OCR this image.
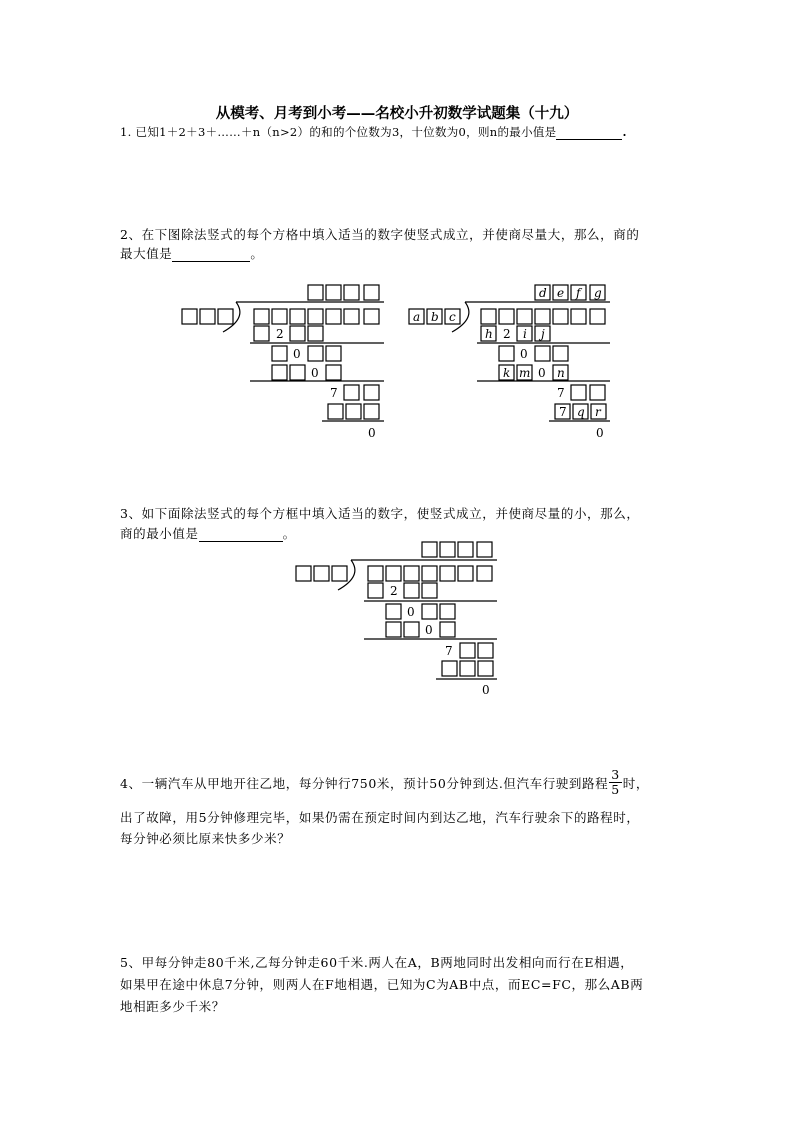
从模考、月考到小考——名校小升初数学试题集（十九）
1. 已知1＋2＋3＋……＋n（n>2）的和的个位数为3，十位数为0，则n的最小值是	.
2、在下图除法竖式的每个方格中填入适当的数字使竖式成立，并使商尽量大，那么，商的
最大值是	。
2
0
0
7
0
d e f g
a b c
h	i j
k m n
q r
2
0
0
7
7
0
3、如下面除法竖式的每个方框中填入适当的数字，使竖式成立，并使商尽量的小，那么，
商的最小值是	。
2
0
0
7
0
4、一辆汽车从甲地开往乙地，每分钟行750米，预计50分钟到达.但汽车行驶到路程 $\frac{3}{5}$ 时，
出了故障，用5分钟修理完毕，如果仍需在预定时间内到达乙地，汽车行驶余下的路程时，
每分钟必须比原来快多少米？
5、甲每分钟走80千米,乙每分钟走60千米.两人在A，B两地同时出发相向而行在E相遇，
如果甲在途中休息7分钟，则两人在F地相遇，已知为C为AB中点，而EC=FC，那么AB两
地相距多少千米？
